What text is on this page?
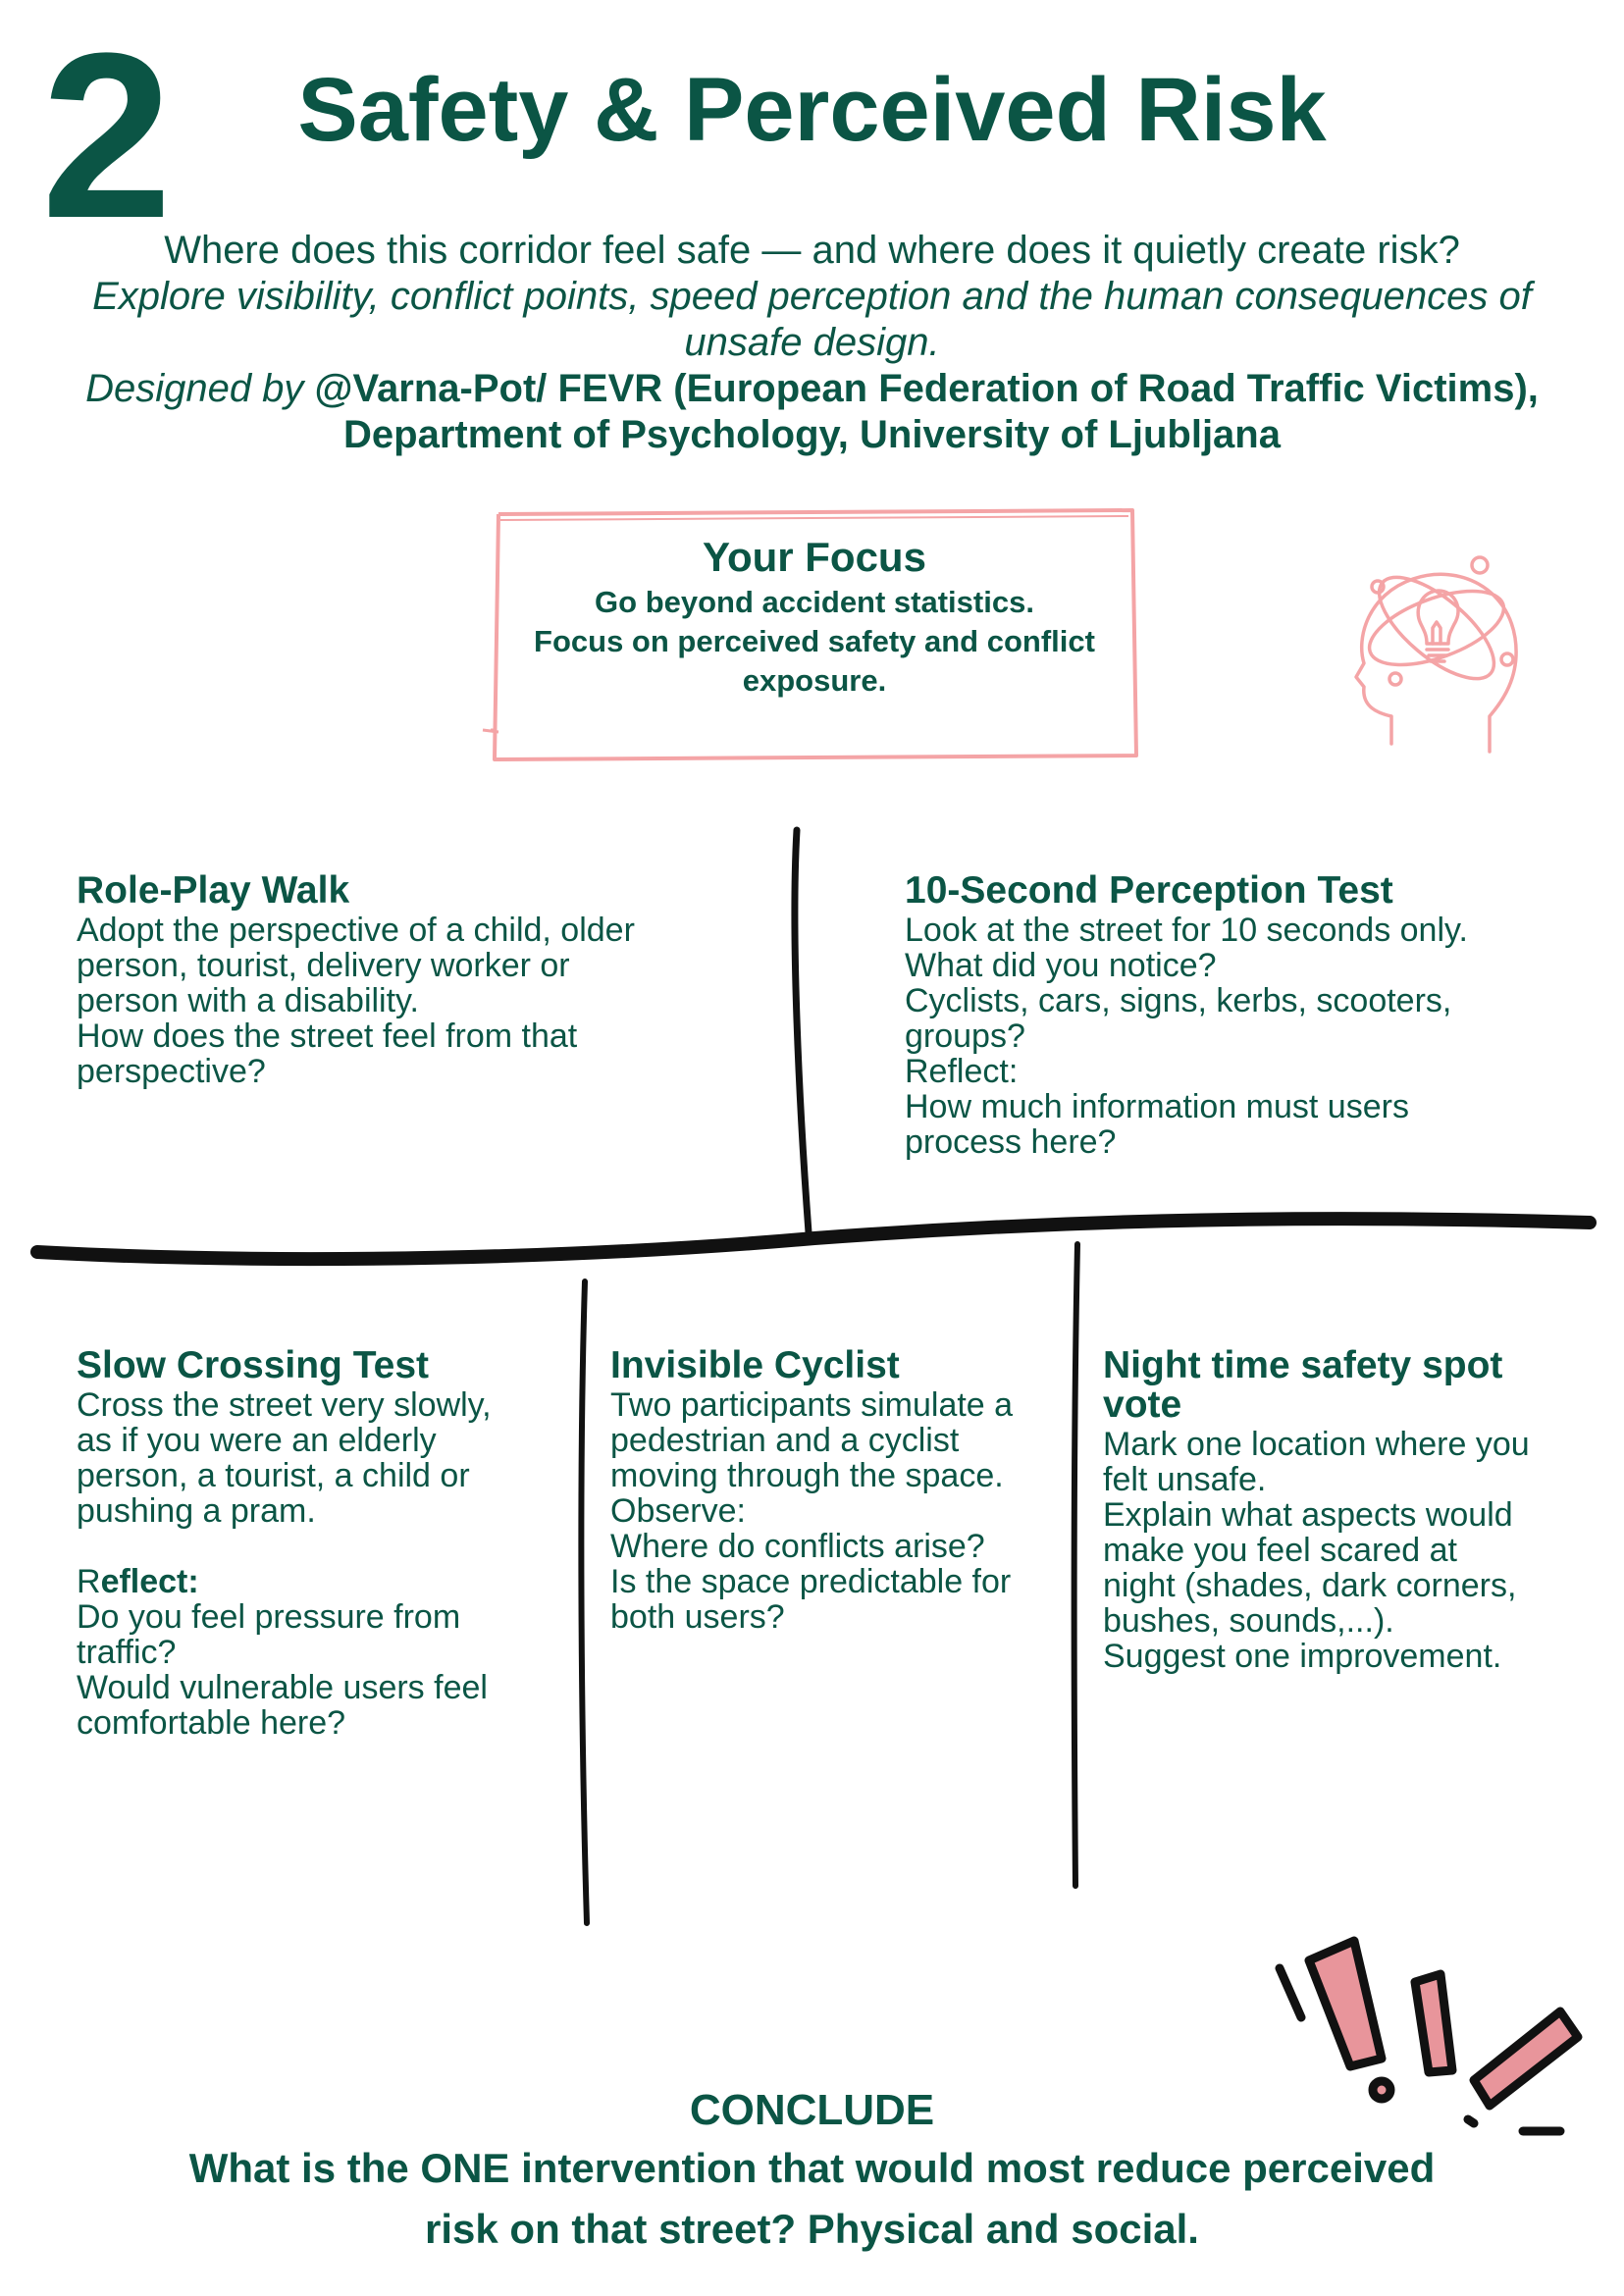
2	Safety & Perceived Risk
Where does this corridor feel safe — and where does it quietly create risk?
Explore visibility, conflict points, speed perception and the human consequences of
unsafe design.
Designed by @Varna-Pot/ FEVR (European Federation of Road Traffic Victims),
Department of Psychology, University of Ljubljana
Your Focus
Go beyond accident statistics.
Focus on perceived safety and conflict
exposure.
Role-Play Walk
Adopt the perspective of a child, older
person, tourist, delivery worker or
person with a disability.
How does the street feel from that
perspective?
10-Second Perception Test
Look at the street for 10 seconds only.
What did you notice?
Cyclists, cars, signs, kerbs, scooters,
groups?
Reflect:
How much information must users
process here?
Slow Crossing Test
Cross the street very slowly,
as if you were an elderly
person, a tourist, a child or
pushing a pram.
Reflect:
Do you feel pressure from
traffic?
Would vulnerable users feel
comfortable here?
Invisible Cyclist
Two participants simulate a
pedestrian and a cyclist
moving through the space.
Observe:
Where do conflicts arise?
Is the space predictable for
both users?
Night time safety spot
vote
Mark one location where you
felt unsafe.
Explain what aspects would
make you feel scared at
night (shades, dark corners,
bushes, sounds,...).
Suggest one improvement.
CONCLUDE
What is the ONE intervention that would most reduce perceived
risk on that street? Physical and social.
